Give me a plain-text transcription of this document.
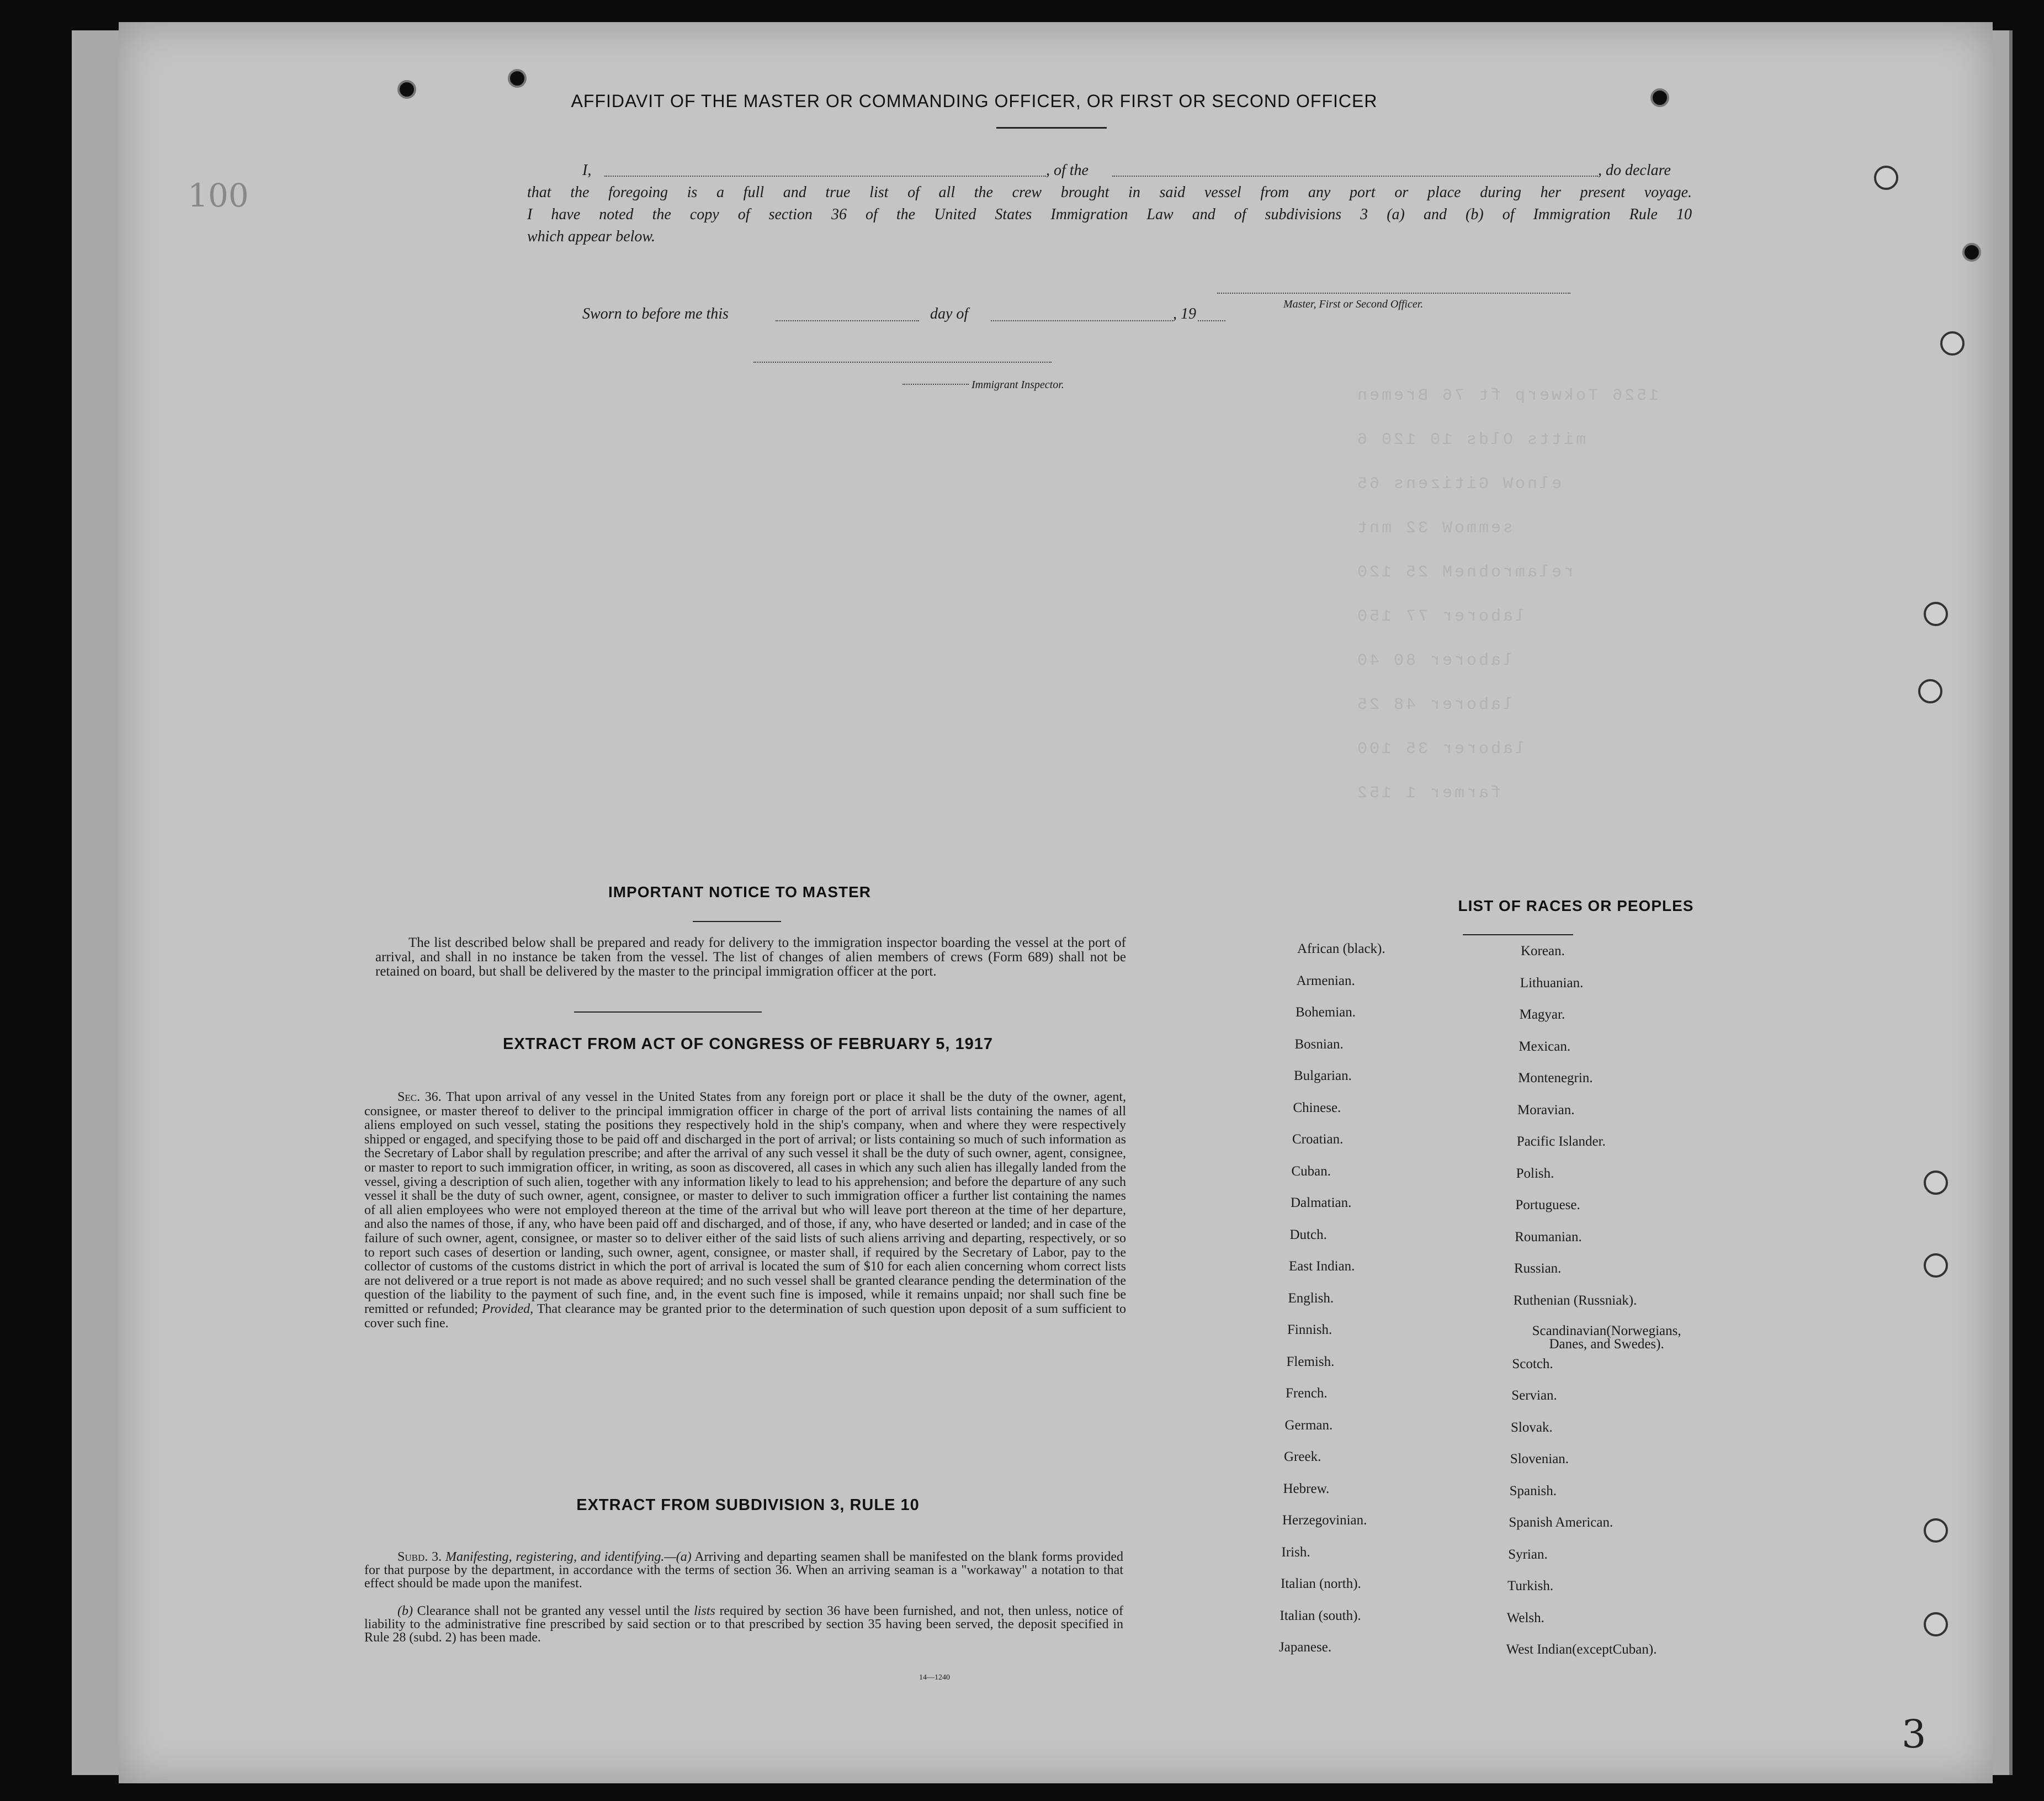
1526 Tokwerp ft 76 Bremen
mitts Olds 10 120 6
elnoW Gitizens 65
semmoW 32 mnt
relamrobneM 25 120
laborer 77 150
laborer 80 40
laborer 48 25
laborer 35 100
farmer 1 152
100
3
AFFIDAVIT OF THE MASTER OR COMMANDING OFFICER, OR FIRST OR SECOND OFFICER
I,	, of the	, do declare
that the foregoing is a full and true list of all the crew brought in said vessel from any port or place during her present voyage.
I have noted the copy of section 36 of the United States Immigration Law and of subdivisions 3 (a) and (b) of Immigration Rule 10
which appear below.
Master, First or Second Officer.
Sworn to before me this	day of	, 19
Immigrant Inspector.
IMPORTANT NOTICE TO MASTER
The list described below shall be prepared and ready for delivery to the immigration inspector boarding the vessel at the port of arrival, and shall in no instance be taken from the vessel. The list of changes of alien members of crews (Form 689) shall not be retained on board, but shall be delivered by the master to the principal immigration officer at the port.
EXTRACT FROM ACT OF CONGRESS OF FEBRUARY 5, 1917
Sec. 36. That upon arrival of any vessel in the United States from any foreign port or place it shall be the duty of the owner, agent, consignee, or master thereof to deliver to the principal immigration officer in charge of the port of arrival lists containing the names of all aliens employed on such vessel, stating the positions they respectively hold in the ship's company, when and where they were respectively shipped or engaged, and specifying those to be paid off and discharged in the port of arrival; or lists containing so much of such information as the Secretary of Labor shall by regulation prescribe; and after the arrival of any such vessel it shall be the duty of such owner, agent, consignee, or master to report to such immigration officer, in writing, as soon as discovered, all cases in which any such alien has illegally landed from the vessel, giving a description of such alien, together with any information likely to lead to his apprehension; and before the departure of any such vessel it shall be the duty of such owner, agent, consignee, or master to deliver to such immigration officer a further list containing the names of all alien employees who were not employed thereon at the time of the arrival but who will leave port thereon at the time of her departure, and also the names of those, if any, who have been paid off and discharged, and of those, if any, who have deserted or landed; and in case of the failure of such owner, agent, consignee, or master so to deliver either of the said lists of such aliens arriving and departing, respectively, or so to report such cases of desertion or landing, such owner, agent, consignee, or master shall, if required by the Secretary of Labor, pay to the collector of customs of the customs district in which the port of arrival is located the sum of $10 for each alien concerning whom correct lists are not delivered or a true report is not made as above required; and no such vessel shall be granted clearance pending the determination of the question of the liability to the payment of such fine, and, in the event such fine is imposed, while it remains unpaid; nor shall such fine be remitted or refunded; Provided, That clearance may be granted prior to the determination of such question upon deposit of a sum sufficient to cover such fine.
EXTRACT FROM SUBDIVISION 3, RULE 10
Subd. 3. Manifesting, registering, and identifying.—(a) Arriving and departing seamen shall be manifested on the blank forms provided for that purpose by the department, in accordance with the terms of section 36. When an arriving seaman is a "workaway" a notation to that effect should be made upon the manifest.
(b) Clearance shall not be granted any vessel until the lists required by section 36 have been furnished, and not, then unless, notice of liability to the administrative fine prescribed by said section or to that prescribed by section 35 having been served, the deposit specified in Rule 28 (subd. 2) has been made.
14—1240
LIST OF RACES OR PEOPLES
African (black).
Armenian.
Bohemian.
Bosnian.
Bulgarian.
Chinese.
Croatian.
Cuban.
Dalmatian.
Dutch.
East Indian.
English.
Finnish.
Flemish.
French.
German.
Greek.
Hebrew.
Herzegovinian.
Irish.
Italian (north).
Italian (south).
Japanese.
Korean.
Lithuanian.
Magyar.
Mexican.
Montenegrin.
Moravian.
Pacific Islander.
Polish.
Portuguese.
Roumanian.
Russian.
Ruthenian (Russniak).
Scandinavian(Norwegians, Danes, and Swedes).
Scotch.
Servian.
Slovak.
Slovenian.
Spanish.
Spanish American.
Syrian.
Turkish.
Welsh.
West Indian(exceptCuban).
